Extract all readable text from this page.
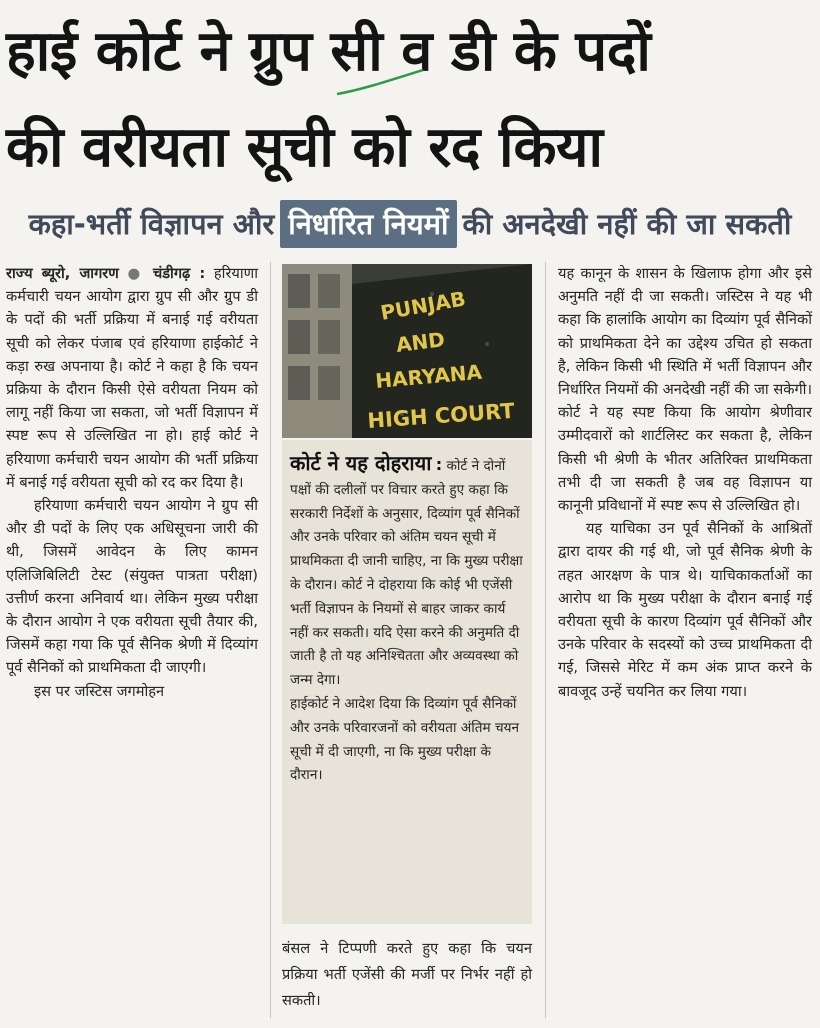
हाई कोर्ट ने ग्रुप सी व डी के पदों
की वरीयता सूची को रद किया
कहा-भर्ती विज्ञापन और निर्धारित नियमों की अनदेखी नहीं की जा सकती

राज्य ब्यूरो, जागरण ● चंडीगढ़ : हरियाणा कर्मचारी चयन आयोग द्वारा ग्रुप सी और ग्रुप डी के पदों की भर्ती प्रक्रिया में बनाई गई वरीयता सूची को लेकर पंजाब एवं हरियाणा हाईकोर्ट ने कड़ा रुख अपनाया है। कोर्ट ने कहा है कि चयन प्रक्रिया के दौरान किसी ऐसे वरीयता नियम को लागू नहीं किया जा सकता, जो भर्ती विज्ञापन में स्पष्ट रूप से उल्लिखित ना हो। हाई कोर्ट ने हरियाणा कर्मचारी चयन आयोग की भर्ती प्रक्रिया में बनाई गई वरीयता सूची को रद कर दिया है।

हरियाणा कर्मचारी चयन आयोग ने ग्रुप सी और डी पदों के लिए एक अधिसूचना जारी की थी, जिसमें आवेदन के लिए कामन एलिजिबिलिटी टेस्ट (संयुक्त पात्रता परीक्षा) उत्तीर्ण करना अनिवार्य था। लेकिन मुख्य परीक्षा के दौरान आयोग ने एक वरीयता सूची तैयार की, जिसमें कहा गया कि पूर्व सैनिक श्रेणी में दिव्यांग पूर्व सैनिकों को प्राथमिकता दी जाएगी।

इस पर जस्टिस जगमोहन

PUNJAB
AND
HARYANA
HIGH COURT

कोर्ट ने यह दोहराया : कोर्ट ने दोनों पक्षों की दलीलों पर विचार करते हुए कहा कि सरकारी निर्देशों के अनुसार, दिव्यांग पूर्व सैनिकों और उनके परिवार को अंतिम चयन सूची में प्राथमिकता दी जानी चाहिए, ना कि मुख्य परीक्षा के दौरान। कोर्ट ने दोहराया कि कोई भी एजेंसी भर्ती विज्ञापन के नियमों से बाहर जाकर कार्य नहीं कर सकती। यदि ऐसा करने की अनुमति दी जाती है तो यह अनिश्चितता और अव्यवस्था को जन्म देगा।

हाईकोर्ट ने आदेश दिया कि दिव्यांग पूर्व सैनिकों और उनके परिवारजनों को वरीयता अंतिम चयन सूची में दी जाएगी, ना कि मुख्य परीक्षा के दौरान।

बंसल ने टिप्पणी करते हुए कहा कि चयन प्रक्रिया भर्ती एजेंसी की मर्जी पर निर्भर नहीं हो सकती।

यह कानून के शासन के खिलाफ होगा और इसे अनुमति नहीं दी जा सकती। जस्टिस ने यह भी कहा कि हालांकि आयोग का दिव्यांग पूर्व सैनिकों को प्राथमिकता देने का उद्देश्य उचित हो सकता है, लेकिन किसी भी स्थिति में भर्ती विज्ञापन और निर्धारित नियमों की अनदेखी नहीं की जा सकेगी। कोर्ट ने यह स्पष्ट किया कि आयोग श्रेणीवार उम्मीदवारों को शार्टलिस्ट कर सकता है, लेकिन किसी भी श्रेणी के भीतर अतिरिक्त प्राथमिकता तभी दी जा सकती है जब वह विज्ञापन या कानूनी प्रविधानों में स्पष्ट रूप से उल्लिखित हो।

यह याचिका उन पूर्व सैनिकों के आश्रितों द्वारा दायर की गई थी, जो पूर्व सैनिक श्रेणी के तहत आरक्षण के पात्र थे। याचिकाकर्ताओं का आरोप था कि मुख्य परीक्षा के दौरान बनाई गई वरीयता सूची के कारण दिव्यांग पूर्व सैनिकों और उनके परिवार के सदस्यों को उच्च प्राथमिकता दी गई, जिससे मेरिट में कम अंक प्राप्त करने के बावजूद उन्हें चयनित कर लिया गया।
